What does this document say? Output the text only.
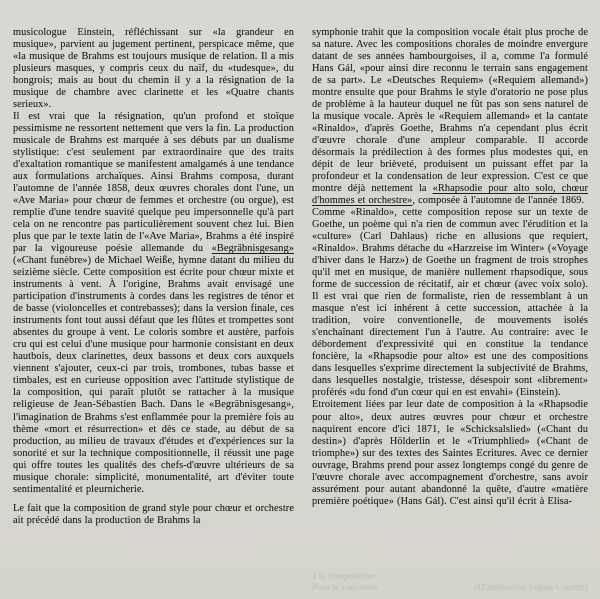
musicologue Einstein, réfléchissant sur «la grandeur en musique», parvient au jugement pertinent, perspicace même, que «la musique de Brahms est toujours musique de relation. Il a mis plusieurs masques, y compris ceux du naïf, du «tudesque», du hongrois; mais au bout du chemin il y a la résignation de la musique de chambre avec clarinette et les «Quatre chants serieux».

Il est vrai que la résignation, qu'un profond et stoïque pessimisme ne ressortent nettement que vers la fin. La production musicale de Brahms est marquée à ses débuts par un dualisme stylistique: c'est seulement par extraordinaire que des traits d'exaltation romantique se manifestent amalgamés à une tendance aux formulations archaïques. Ainsi Brahms composa, durant l'automne de l'année 1858, deux œuvres chorales dont l'une, un «Ave Maria» pour chœur de femmes et orchestre (ou orgue), est remplie d'une tendre suavité quelque peu impersonnelle qu'à part cela on ne rencontre pas particulièrement souvent chez lui. Bien plus que par le texte latin de l'«Ave Maria», Brahms a été inspiré par la vigoureuse poésie allemande du «Begräbnisgesang» («Chant funèbre») de Michael Weiße, hymne datant du milieu du seizième siècle. Cette composition est écrite pour chœur mixte et instruments à vent. À l'origine, Brahms avait envisagé une participation d'instruments à cordes dans les registres de ténor et de basse (violoncelles et contrebasses); dans la version finale, ces instruments font tout aussi défaut que les flûtes et trompettes sont absentes du groupe à vent. Le coloris sombre et austère, parfois cru qui est celui d'une musique pour harmonie consistant en deux hautbois, deux clarinettes, deux bassons et deux cors auxquels viennent s'ajouter, ceux-ci par trois, trombones, tubas basse et timbales, est en curieuse opposition avec l'attitude stylistique de la composition, qui paraît plutôt se rattacher à la musique religieuse de Jean-Sébastien Bach. Dans le «Begräbnisgesang», l'imagination de Brahms s'est enflammée pour la première fois au thème «mort et résurrection» et dès ce stade, au début de sa production, au milieu de travaux d'études et d'expériences sur la sonorité et sur la technique compositionnelle, il réussit une page qui offre toutes les qualités des chefs-d'œuvre ultérieurs de sa musique chorale: simplicité, monumentalité, art d'éviter toute sentimentalité et pleurnicherie.

Le fait que la composition de grand style pour chœur et orchestre ait précédé dans la production de Brahms la

symphonie trahit que la composition vocale était plus proche de sa nature. Avec les compositions chorales de moindre envergure datant de ses années hambourgoises, il a, comme l'a formulé Hans Gál, «pour ainsi dire reconnu le terrain sans engagement de sa part». Le «Deutsches Requiem» («Requiem allemand») montre ensuite que pour Brahms le style d'oratorio ne pose plus de problème à la hauteur duquel ne fût pas son sens naturel de la musique vocale. Après le «Requiem allemand» et la cantate «Rinaldo», d'après Goethe, Brahms n'a cependant plus écrit d'œuvre chorale d'une ampleur comparable. Il accorde désormais la prédilection à des formes plus modestes qui, en dépit de leur brièveté, produisent un puissant effet par la profondeur et la condensation de leur expression. C'est ce que montre déjà nettement la «Rhapsodie pour alto solo, chœur d'hommes et orchestre», composée à l'automne de l'année 1869.

Comme «Rinaldo», cette composition repose sur un texte de Goethe, un poème qui n'a rien de commun avec l'érudition et la «culture» (Carl Dahlaus) riche en allusions que requiert, «Rinaldo». Brahms détache du «Harzreise im Winter» («Voyage d'hiver dans le Harz») de Goethe un fragment de trois strophes qu'il met en musique, de manière nullement rhapsodique, sous forme de succession de récitatif, air et chœur (avec voix solo). Il est vrai que rien de formaliste, rien de ressemblant à un masque n'est ici inhérent à cette succession, attachée à la tradition, voire conventionelle, de mouvements isolés s'enchaînant directement l'un à l'autre. Au contraire: avec le débordement d'expressivité qui en constitue la tendance foncière, la «Rhapsodie pour alto» est une des compositions dans lesquelles s'exprime directement la subjectivité de Brahms, dans lesquelles nostalgie, tristesse, désespoir sont «librement» proférés «du fond d'un cœur qui en est envahi» (Einstein).

Etroitement liées par leur date de composition à la «Rhapsodie pour alto», deux autres œuvres pour chœur et orchestre naquirent encore d'ici 1871, le «Schicksalslied» («Chant du destin») d'après Hölderlin et le «Triumphlied» («Chant de triomphe») sur des textes des Saintes Ecritures. Avec ce dernier ouvrage, Brahms prend pour assez longtemps congé du genre de l'œuvre chorale avec accompagnement d'orchestre, sans avoir assurément pour autant abandonné la quête, d'autre «matière première poétique» (Hans Gál). C'est ainsi qu'il écrit à Elisa-

à la composition
Pour le concertos	(D'attribution Jaques Courtin)
